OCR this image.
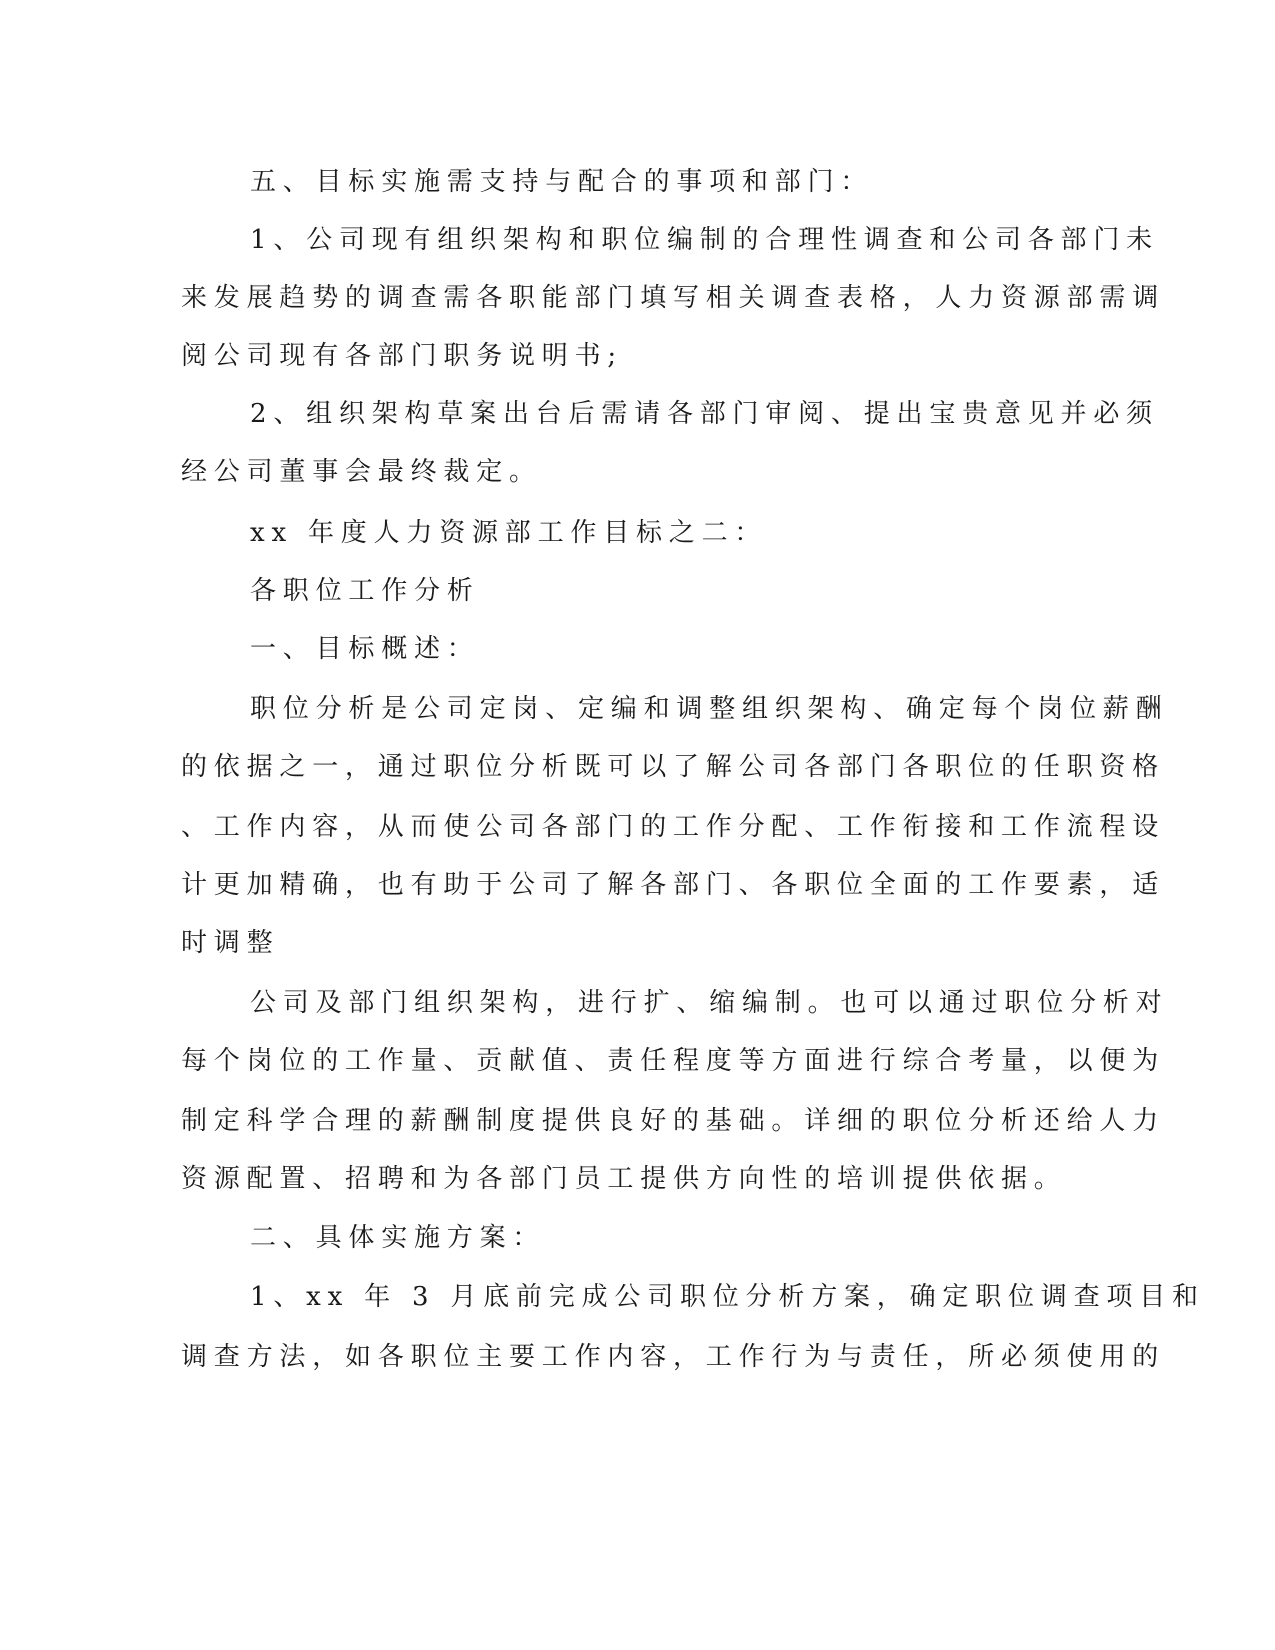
五、目标实施需支持与配合的事项和部门：
1、公司现有组织架构和职位编制的合理性调查和公司各部门未
来发展趋势的调查需各职能部门填写相关调查表格，人力资源部需调
阅公司现有各部门职务说明书;
2、组织架构草案出台后需请各部门审阅、提出宝贵意见并必须
经公司董事会最终裁定。
xx 年度人力资源部工作目标之二：
各职位工作分析
一、目标概述：
职位分析是公司定岗、定编和调整组织架构、确定每个岗位薪酬
的依据之一，通过职位分析既可以了解公司各部门各职位的任职资格
、工作内容，从而使公司各部门的工作分配、工作衔接和工作流程设
计更加精确，也有助于公司了解各部门、各职位全面的工作要素，适
时调整
公司及部门组织架构，进行扩、缩编制。也可以通过职位分析对
每个岗位的工作量、贡献值、责任程度等方面进行综合考量，以便为
制定科学合理的薪酬制度提供良好的基础。详细的职位分析还给人力
资源配置、招聘和为各部门员工提供方向性的培训提供依据。
二、具体实施方案：
1、xx 年 3 月底前完成公司职位分析方案，确定职位调查项目和
调查方法，如各职位主要工作内容，工作行为与责任，所必须使用的
